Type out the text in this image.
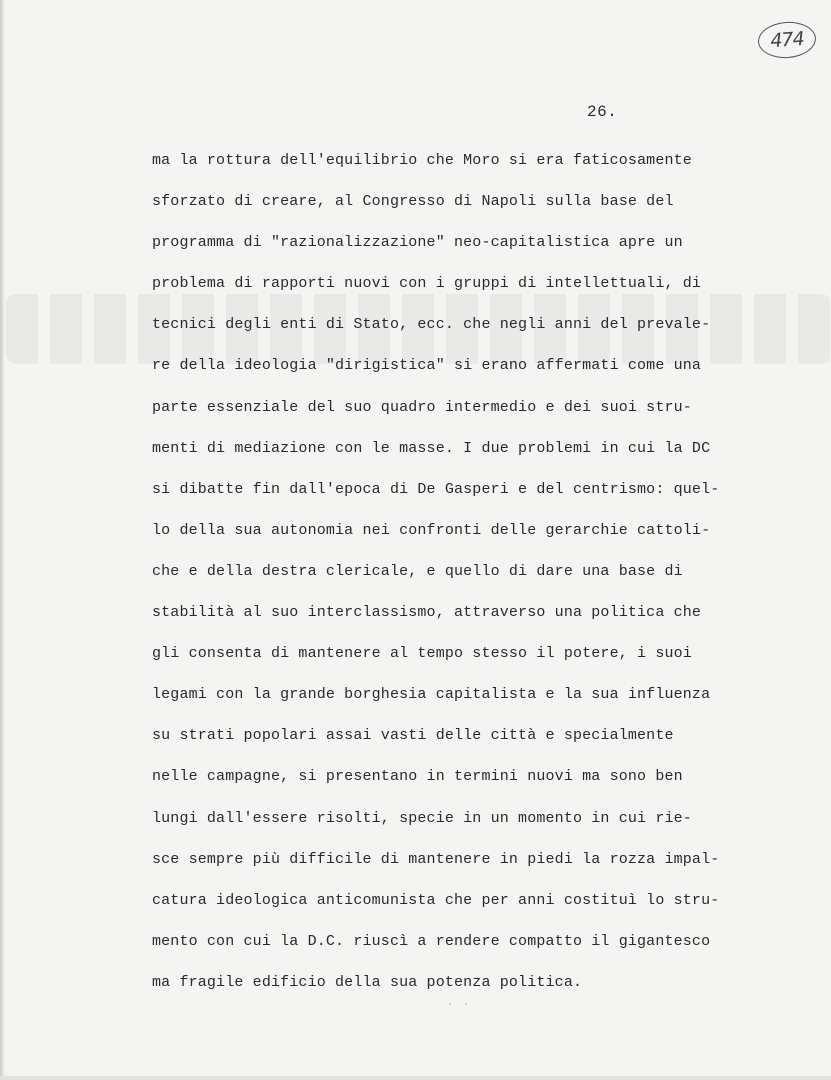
474
26.
ma la rottura dell'equilibrio che Moro si era faticosamente
sforzato di creare, al Congresso di Napoli sulla base del
programma di "razionalizzazione" neo-capitalistica apre un
problema di rapporti nuovi con i gruppi di intellettuali, di
tecnici degli enti di Stato, ecc. che negli anni del prevale-
re della ideologia "dirigistica" si erano affermati come una
parte essenziale del suo quadro intermedio e dei suoi stru-
menti di mediazione con le masse. I due problemi in cui la DC
si dibatte fin dall'epoca di De Gasperi e del centrismo: quel-
lo della sua autonomia nei confronti delle gerarchie cattoli-
che e della destra clericale, e quello di dare una base di
stabilità al suo interclassismo, attraverso una politica che
gli consenta di mantenere al tempo stesso il potere, i suoi
legami con la grande borghesia capitalista e la sua influenza
su strati popolari assai vasti delle città e specialmente
nelle campagne, si presentano in termini nuovi ma sono ben
lungi dall'essere risolti, specie in un momento in cui rie-
sce sempre più difficile di mantenere in piedi la rozza impal-
catura ideologica anticomunista che per anni costituì lo stru-
mento con cui la D.C. riuscì a rendere compatto il gigantesco
ma fragile edificio della sua potenza politica.
· ·
